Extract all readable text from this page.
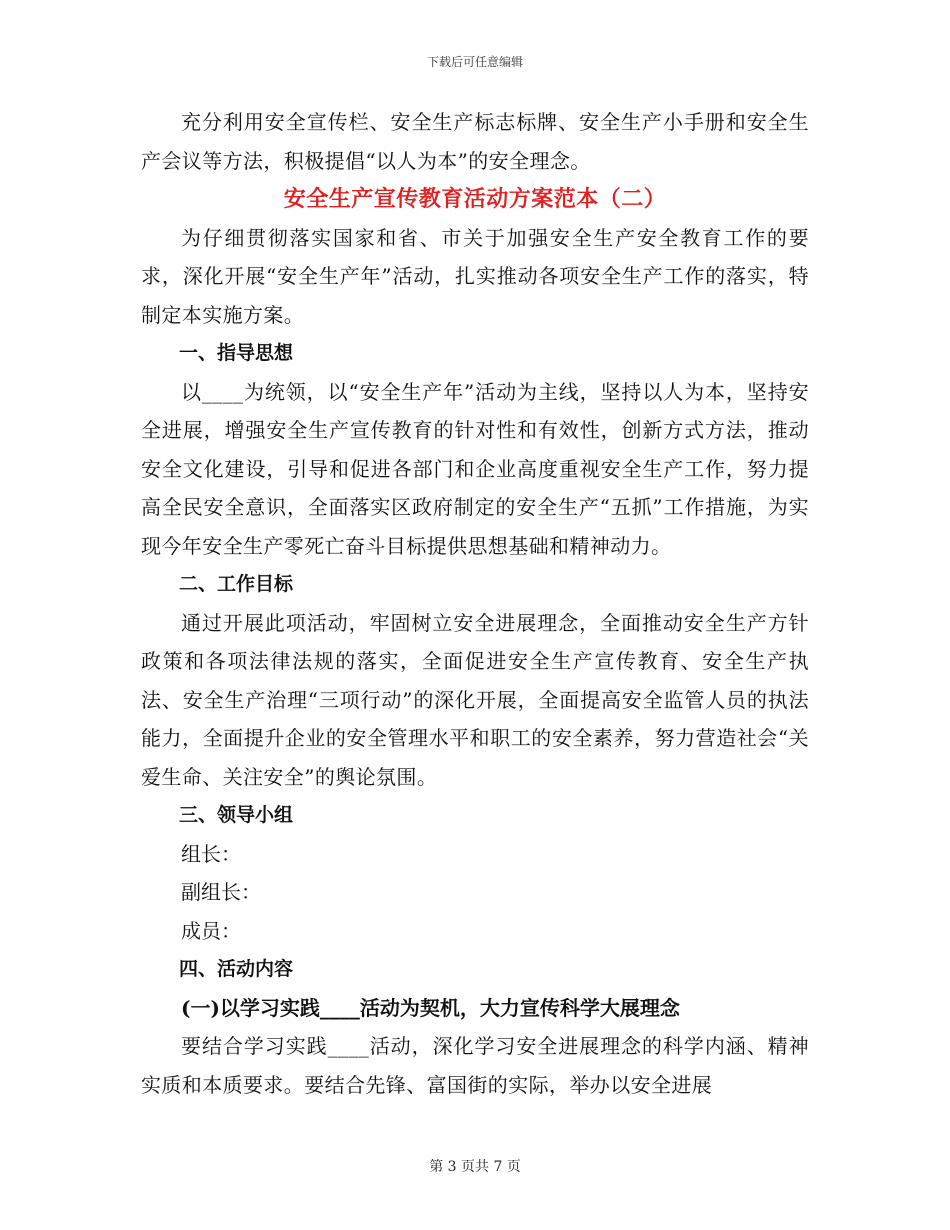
下载后可任意编辑

充分利用安全宣传栏、安全生产标志标牌、安全生产小手册和安全生产会议等方法，积极提倡“以人为本”的安全理念。

安全生产宣传教育活动方案范本（二）

为仔细贯彻落实国家和省、市关于加强安全生产安全教育工作的要求，深化开展“安全生产年”活动，扎实推动各项安全生产工作的落实，特制定本实施方案。

一、指导思想

以____为统领，以“安全生产年”活动为主线，坚持以人为本，坚持安全进展，增强安全生产宣传教育的针对性和有效性，创新方式方法，推动安全文化建设，引导和促进各部门和企业高度重视安全生产工作，努力提高全民安全意识，全面落实区政府制定的安全生产“五抓”工作措施，为实现今年安全生产零死亡奋斗目标提供思想基础和精神动力。

二、工作目标

通过开展此项活动，牢固树立安全进展理念，全面推动安全生产方针政策和各项法律法规的落实，全面促进安全生产宣传教育、安全生产执法、安全生产治理“三项行动”的深化开展，全面提高安全监管人员的执法能力，全面提升企业的安全管理水平和职工的安全素养，努力营造社会“关爱生命、关注安全”的舆论氛围。

三、领导小组

组长：

副组长：

成员：

四、活动内容

(一)以学习实践____活动为契机，大力宣传科学大展理念

要结合学习实践____活动，深化学习安全进展理念的科学内涵、精神实质和本质要求。要结合先锋、富国街的实际，举办以安全进展

第 3 页共 7 页
